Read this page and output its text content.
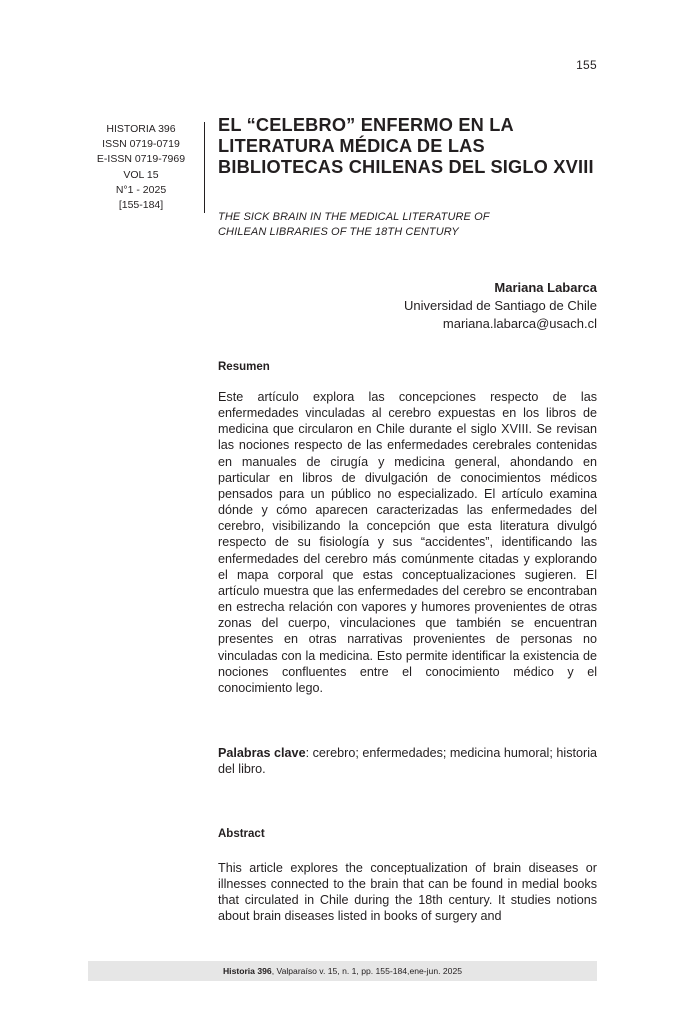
155
HISTORIA 396
ISSN 0719-0719
E-ISSN 0719-7969
VOL 15
N°1 - 2025
[155-184]
EL “CELEBRO” ENFERMO EN LA
LITERATURA MÉDICA DE LAS
BIBLIOTECAS CHILENAS DEL SIGLO XVIII
THE SICK BRAIN IN THE MEDICAL LITERATURE OF
CHILEAN LIBRARIES OF THE 18TH CENTURY
Mariana Labarca
Universidad de Santiago de Chile
mariana.labarca@usach.cl
Resumen
Este artículo explora las concepciones respecto de las enfermedades vinculadas al cerebro expuestas en los libros de medicina que circularon en Chile durante el siglo XVIII. Se revisan las nociones respecto de las enfermedades cerebrales contenidas en manuales de cirugía y medicina general, ahondando en particular en libros de divulgación de conocimientos médicos pensados para un público no especializado. El artículo examina dónde y cómo aparecen caracterizadas las enfermedades del cerebro, visibilizando la concepción que esta literatura divulgó respecto de su fisiología y sus “accidentes”, identificando las enfermedades del cerebro más comúnmente citadas y explorando el mapa corporal que estas conceptualizaciones sugieren. El artículo muestra que las enfermedades del cerebro se encontraban en estrecha relación con vapores y humores provenientes de otras zonas del cuerpo, vinculaciones que también se encuentran presentes en otras narrativas provenientes de personas no vinculadas con la medicina. Esto permite identificar la existencia de nociones confluentes entre el conocimiento médico y el conocimiento lego.
Palabras clave: cerebro; enfermedades; medicina humoral; historia del libro.
Abstract
This article explores the conceptualization of brain diseases or illnesses connected to the brain that can be found in medial books that circulated in Chile during the 18th century. It studies notions about brain diseases listed in books of surgery and
Historia 396, Valparaíso v. 15, n. 1, pp. 155-184,ene-jun. 2025
